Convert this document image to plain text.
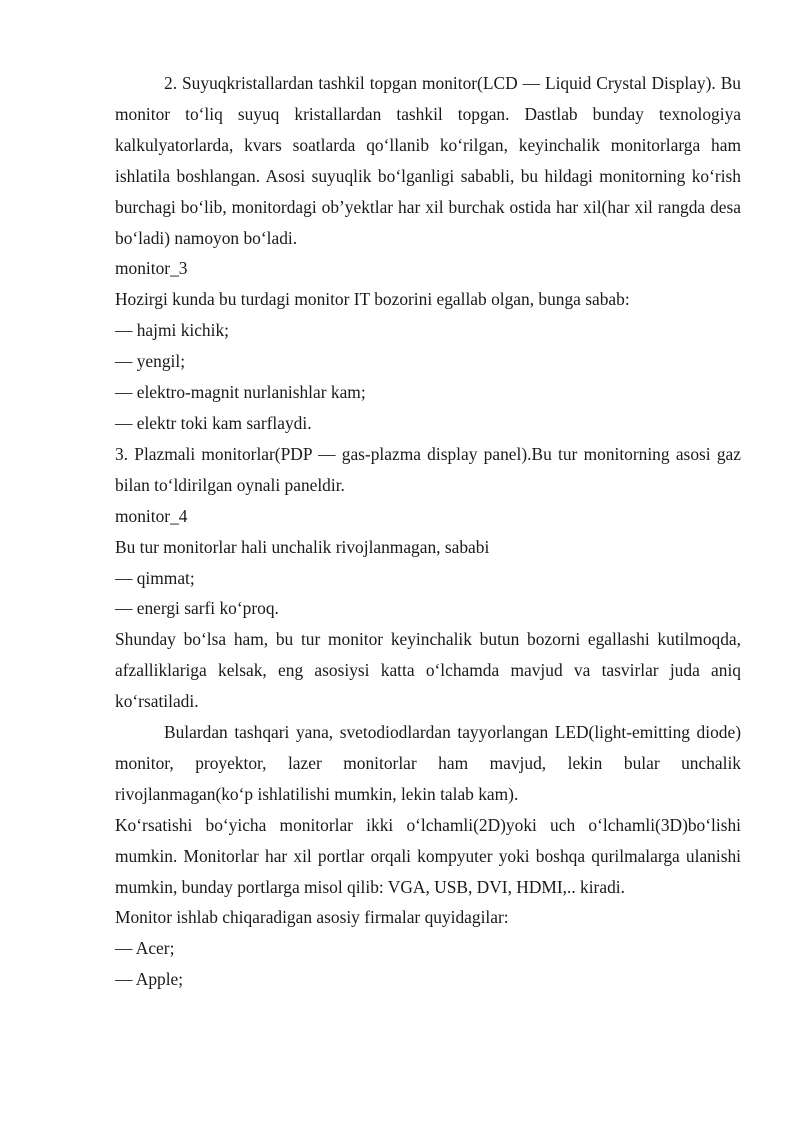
2. Suyuqkristallardan tashkil topgan monitor(LCD — Liquid Crystal Display). Bu monitor to‘liq suyuq kristallardan tashkil topgan. Dastlab bunday texnologiya kalkulyatorlarda, kvars soatlarda qo‘llanib ko‘rilgan, keyinchalik monitorlarga ham ishlatila boshlangan. Asosi suyuqlik bo‘lganligi sababli, bu hildagi monitorning ko‘rish burchagi bo‘lib, monitordagi ob’yektlar har xil burchak ostida har xil(har xil rangda desa bo‘ladi) namoyon bo‘ladi.

monitor_3

Hozirgi kunda bu turdagi monitor IT bozorini egallab olgan, bunga sabab:

— hajmi kichik;

— yengil;

— elektro-magnit nurlanishlar kam;

— elektr toki kam sarflaydi.

3. Plazmali monitorlar(PDP — gas-plazma display panel).Bu tur monitorning asosi gaz bilan to‘ldirilgan oynali paneldir.

monitor_4

Bu tur monitorlar hali unchalik rivojlanmagan, sababi

— qimmat;

— energi sarfi ko‘proq.

Shunday bo‘lsa ham, bu tur monitor keyinchalik butun bozorni egallashi kutilmoqda, afzalliklariga kelsak, eng asosiysi katta o‘lchamda mavjud va tasvirlar juda aniq ko‘rsatiladi.

Bulardan tashqari yana, svetodiodlardan tayyorlangan LED(light-emitting diode) monitor, proyektor, lazer monitorlar ham mavjud, lekin bular unchalik rivojlanmagan(ko‘p ishlatilishi mumkin, lekin talab kam).

Ko‘rsatishi bo‘yicha monitorlar ikki o‘lchamli(2D)yoki uch o‘lchamli(3D)bo‘lishi mumkin. Monitorlar har xil portlar orqali kompyuter yoki boshqa qurilmalarga ulanishi mumkin, bunday portlarga misol qilib: VGA, USB, DVI, HDMI,.. kiradi.

Monitor ishlab chiqaradigan asosiy firmalar quyidagilar:

— Acer;

— Apple;
